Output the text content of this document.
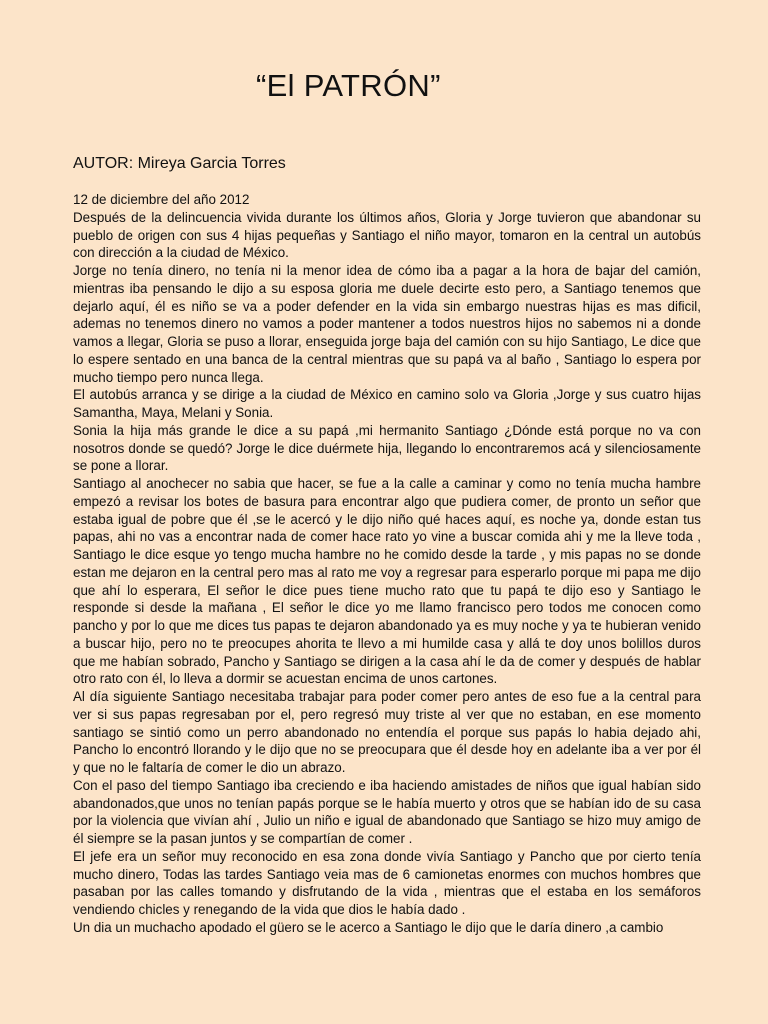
“El PATRÓN”
AUTOR: Mireya Garcia Torres

12 de diciembre del año 2012

Después de la delincuencia vivida durante los últimos años, Gloria y Jorge tuvieron que abandonar su pueblo de origen con sus 4 hijas pequeñas y Santiago el niño mayor, tomaron en la central un autobús con dirección a la ciudad de México.

Jorge no tenía dinero, no tenía ni la menor idea de cómo iba a pagar a la hora de bajar del camión, mientras iba pensando le dijo a su esposa gloria me duele decirte esto pero, a Santiago tenemos que dejarlo aquí, él es niño se va a poder defender en la vida sin embargo nuestras hijas es mas dificil, ademas no tenemos dinero no vamos a poder mantener a todos nuestros hijos no sabemos ni a donde vamos a llegar, Gloria se puso a llorar, enseguida jorge baja del camión con su hijo Santiago, Le dice que lo espere sentado en una banca de la central mientras que su papá va al baño , Santiago lo espera por mucho tiempo pero nunca llega.

El autobús arranca y se dirige a la ciudad de México en camino solo va Gloria ,Jorge y sus cuatro hijas Samantha, Maya, Melani y Sonia.

Sonia la hija más grande le dice a su papá ,mi hermanito Santiago ¿Dónde está porque no va con nosotros donde se quedó? Jorge le dice duérmete hija, llegando lo encontraremos acá y silenciosamente se pone a llorar.

Santiago al anochecer no sabia que hacer, se fue a la calle a caminar y como no tenía mucha hambre empezó a revisar los botes de basura para encontrar algo que pudiera comer, de pronto un señor que estaba igual de pobre que él ,se le acercó y le dijo niño qué haces aquí, es noche ya, donde estan tus papas, ahi no vas a encontrar nada de comer hace rato yo vine a buscar comida ahi y me la lleve toda , Santiago le dice esque yo tengo mucha hambre no he comido desde la tarde , y mis papas no se donde estan me dejaron en la central pero mas al rato me voy a regresar para esperarlo porque mi papa me dijo que ahí lo esperara, El señor le dice pues tiene mucho rato que tu papá te dijo eso y Santiago le responde si desde la mañana , El señor le dice yo me llamo francisco pero todos me conocen como pancho y por lo que me dices tus papas te dejaron abandonado ya es muy noche y ya te hubieran venido a buscar hijo, pero no te preocupes ahorita te llevo a mi humilde casa y allá te doy unos bolillos duros que me habían sobrado, Pancho y Santiago se dirigen a la casa ahí le da de comer y después de hablar otro rato con él, lo lleva a dormir se acuestan encima de unos cartones.

Al día siguiente Santiago necesitaba trabajar para poder comer pero antes de eso fue a la central para ver si sus papas regresaban por el, pero regresó muy triste al ver que no estaban, en ese momento santiago se sintió como un perro abandonado no entendía el porque sus papás lo habia dejado ahi, Pancho lo encontró llorando y le dijo que no se preocupara que él desde hoy en adelante iba a ver por él y que no le faltaría de comer le dio un abrazo.

Con el paso del tiempo Santiago iba creciendo e iba haciendo amistades de niños que igual habían sido abandonados,que unos no tenían papás porque se le había muerto y otros que se habían ido de su casa por la violencia que vivían ahí , Julio un niño e igual de abandonado que Santiago se hizo muy amigo de él siempre se la pasan juntos y se compartían de comer .

El jefe era un señor muy reconocido en esa zona donde vivía Santiago y Pancho que por cierto tenía mucho dinero, Todas las tardes Santiago veia mas de 6 camionetas enormes con muchos hombres que pasaban por las calles tomando y disfrutando de la vida , mientras que el estaba en los semáforos vendiendo chicles y renegando de la vida que dios le había dado .

Un dia un muchacho apodado el güero se le acerco a Santiago le dijo que le daría dinero ,a cambio
